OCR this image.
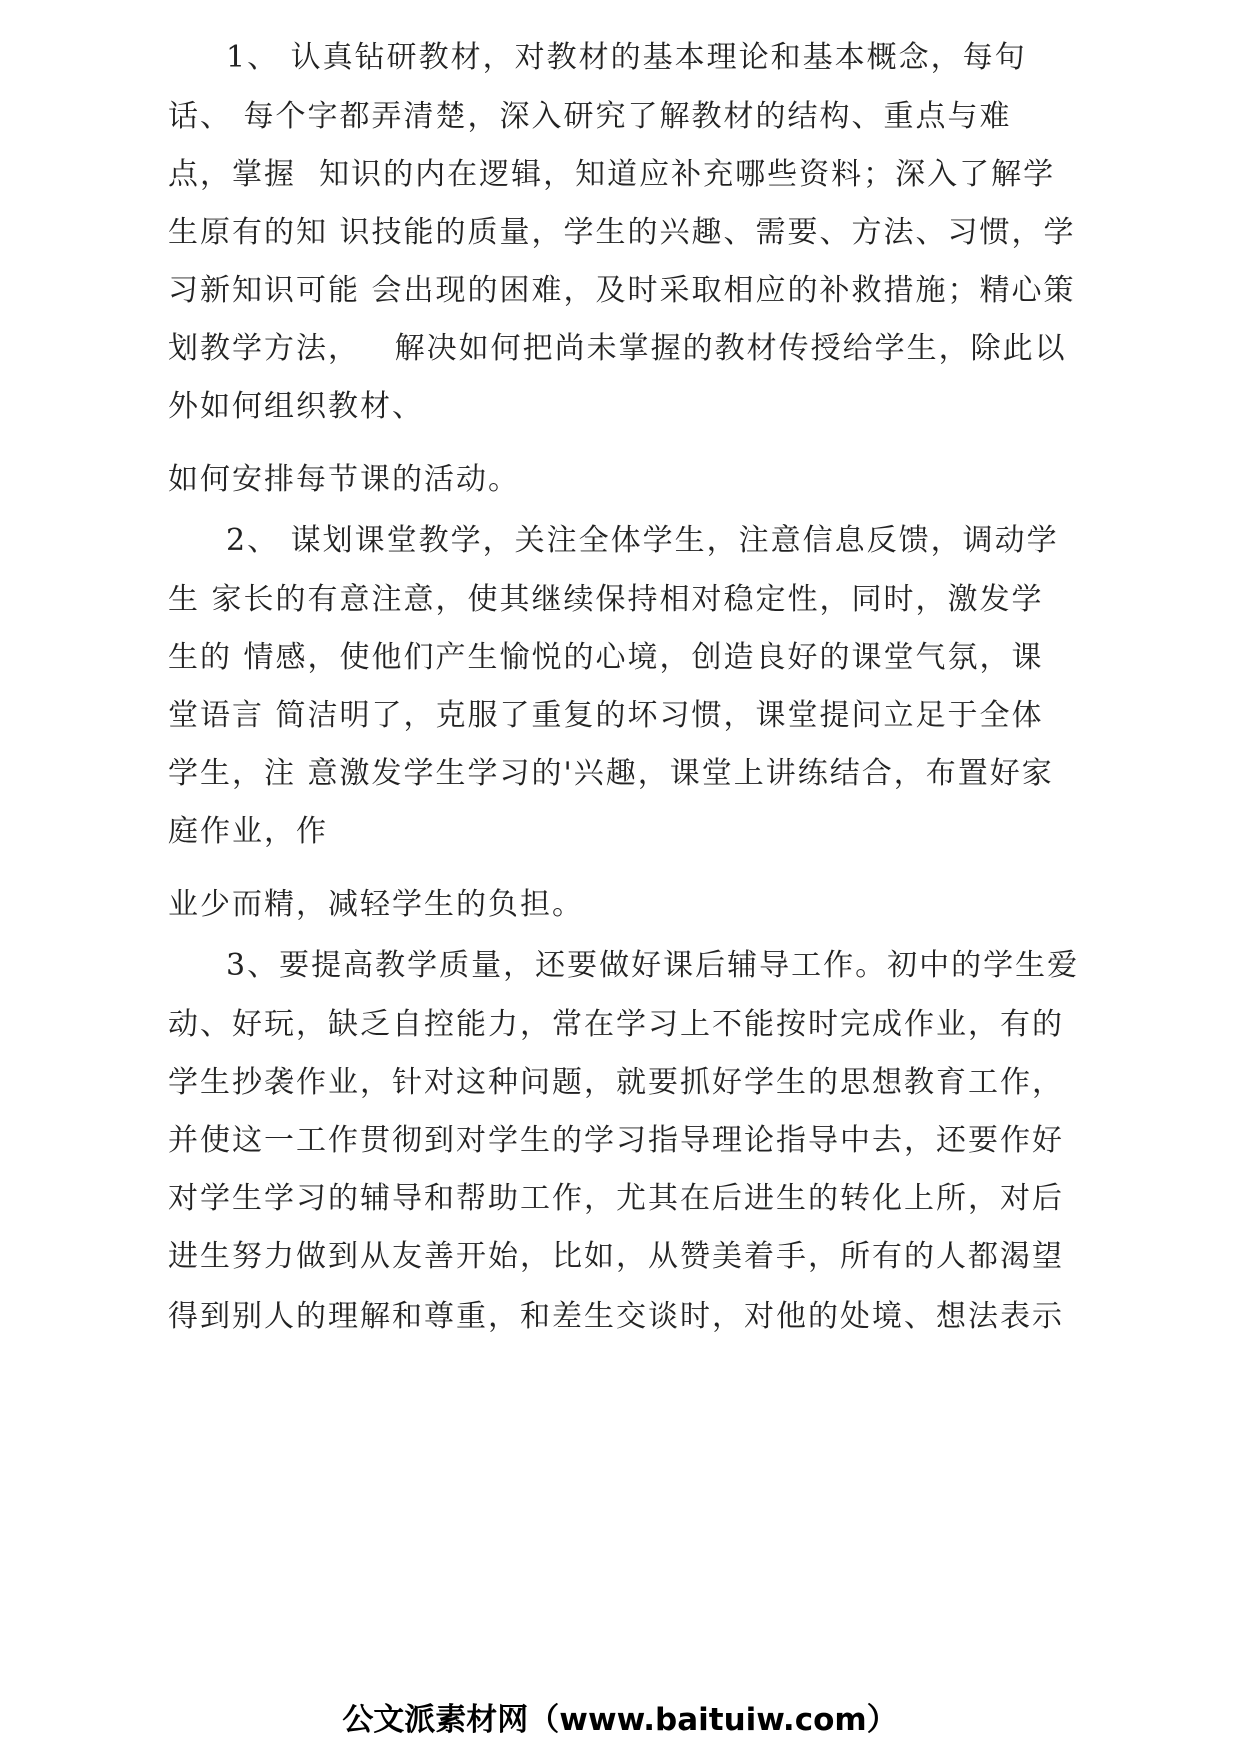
1、 认真钻研教材，对教材的基本理论和基本概念，每句
话、 每个字都弄清楚，深入研究了解教材的结构、重点与难
点，掌握  知识的内在逻辑，知道应补充哪些资料；深入了解学
生原有的知 识技能的质量，学生的兴趣、需要、方法、习惯，学
习新知识可能 会出现的困难，及时采取相应的补救措施；精心策
划教学方法，   解决如何把尚未掌握的教材传授给学生，除此以
外如何组织教材、
如何安排每节课的活动。
2、 谋划课堂教学，关注全体学生，注意信息反馈，调动学
生 家长的有意注意，使其继续保持相对稳定性，同时，激发学
生的 情感，使他们产生愉悦的心境，创造良好的课堂气氛，课
堂语言 简洁明了，克服了重复的坏习惯，课堂提问立足于全体
学生，注 意激发学生学习的'兴趣，课堂上讲练结合，布置好家
庭作业，作
业少而精，减轻学生的负担。
3、要提高教学质量，还要做好课后辅导工作。初中的学生爱
动、好玩，缺乏自控能力，常在学习上不能按时完成作业，有的
学生抄袭作业，针对这种问题，就要抓好学生的思想教育工作，
并使这一工作贯彻到对学生的学习指导理论指导中去，还要作好
对学生学习的辅导和帮助工作，尤其在后进生的转化上所，对后
进生努力做到从友善开始，比如，从赞美着手，所有的人都渴望
得到别人的理解和尊重，和差生交谈时，对他的处境、想法表示
公文派素材网（www.baituiw.com）
